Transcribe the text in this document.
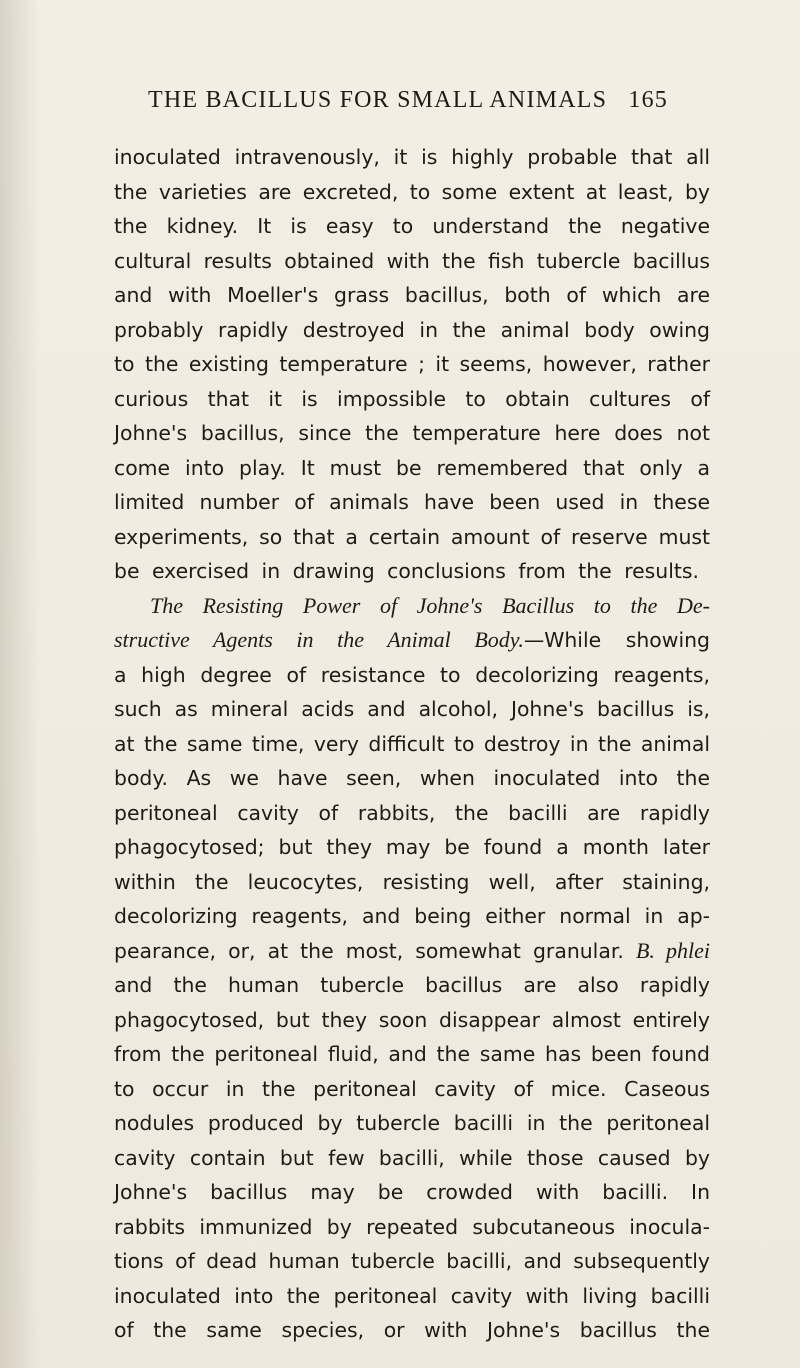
THE BACILLUS FOR SMALL ANIMALS 165
inoculated intravenously, it is highly probable that all
the varieties are excreted, to some extent at least, by
the kidney. It is easy to understand the negative
cultural results obtained with the fish tubercle bacillus
and with Moeller's grass bacillus, both of which are
probably rapidly destroyed in the animal body owing
to the existing temperature ; it seems, however, rather
curious that it is impossible to obtain cultures of
Johne's bacillus, since the temperature here does not
come into play. It must be remembered that only a
limited number of animals have been used in these
experiments, so that a certain amount of reserve must
be exercised in drawing conclusions from the results.
The Resisting Power of Johne's Bacillus to the De-
structive Agents in the Animal Body.—While showing
a high degree of resistance to decolorizing reagents,
such as mineral acids and alcohol, Johne's bacillus is,
at the same time, very difficult to destroy in the animal
body. As we have seen, when inoculated into the
peritoneal cavity of rabbits, the bacilli are rapidly
phagocytosed; but they may be found a month later
within the leucocytes, resisting well, after staining,
decolorizing reagents, and being either normal in ap-
pearance, or, at the most, somewhat granular. B. phlei
and the human tubercle bacillus are also rapidly
phagocytosed, but they soon disappear almost entirely
from the peritoneal fluid, and the same has been found
to occur in the peritoneal cavity of mice. Caseous
nodules produced by tubercle bacilli in the peritoneal
cavity contain but few bacilli, while those caused by
Johne's bacillus may be crowded with bacilli. In
rabbits immunized by repeated subcutaneous inocula-
tions of dead human tubercle bacilli, and subsequently
inoculated into the peritoneal cavity with living bacilli
of the same species, or with Johne's bacillus the
